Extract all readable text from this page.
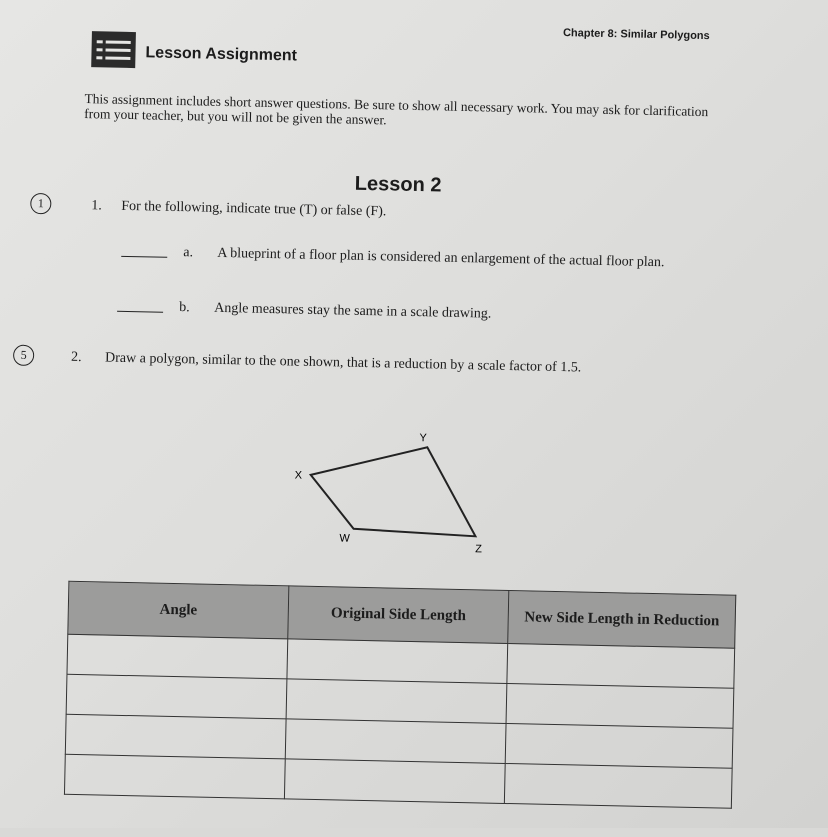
Chapter 8: Similar Polygons
Lesson Assignment
This assignment includes short answer questions. Be sure to show all necessary work. You may ask for clarification from your teacher, but you will not be given the answer.
Lesson 2
1	1. For the following, indicate true (T) or false (F).
a. A blueprint of a floor plan is considered an enlargement of the actual floor plan.
b. Angle measures stay the same in a scale drawing.
5	2. Draw a polygon, similar to the one shown, that is a reduction by a scale factor of 1.5.
Y
X
W
Z
Angle	Original Side Length	New Side Length in Reduction
